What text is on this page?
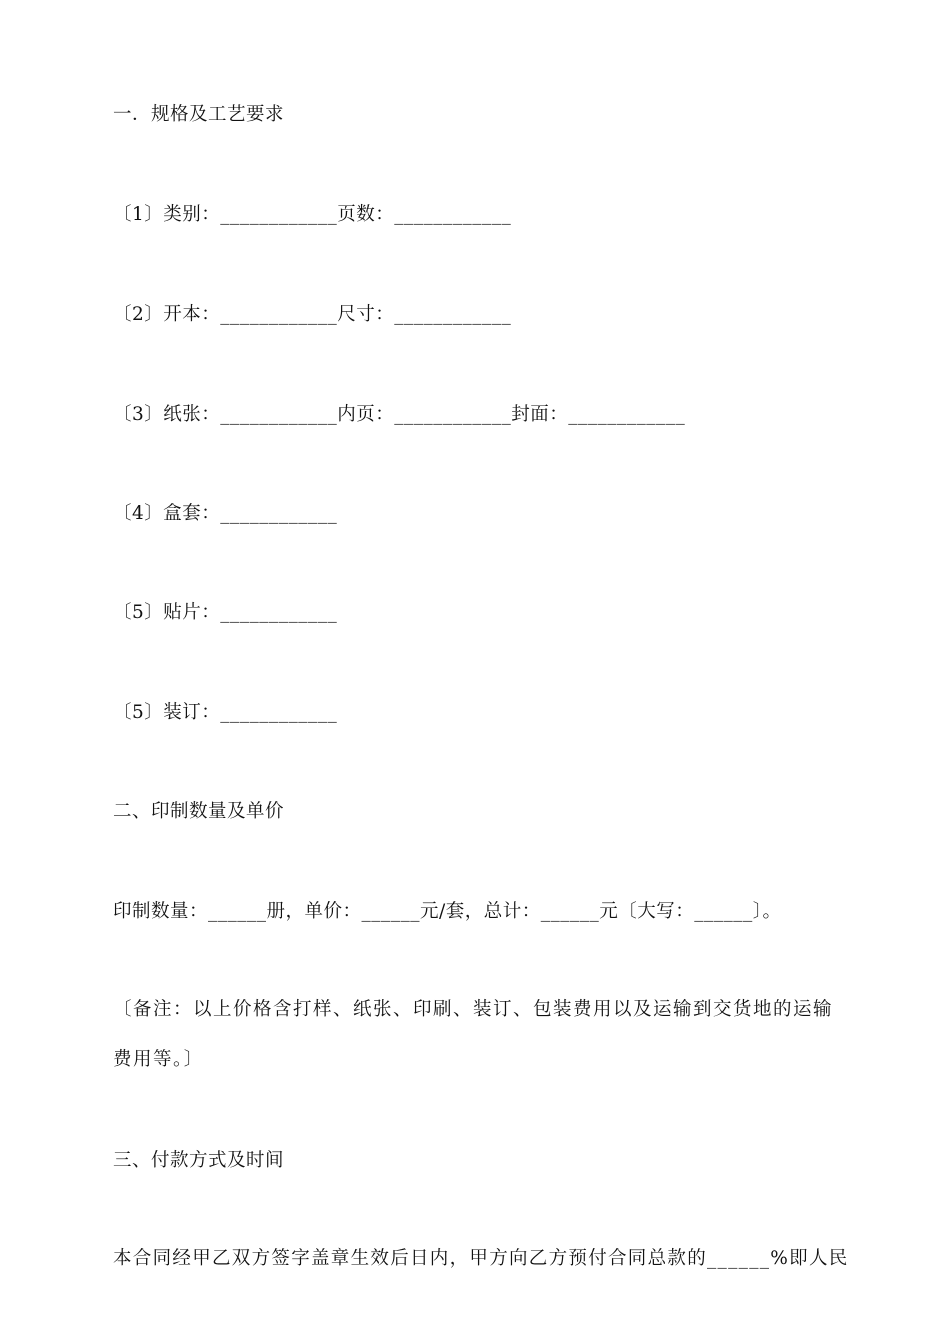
一．规格及工艺要求
〔1〕类别：____________页数：____________
〔2〕开本：____________尺寸：____________
〔3〕纸张：____________内页：____________封面：____________
〔4〕盒套：____________
〔5〕贴片：____________
〔5〕装订：____________
二、印制数量及单价
印制数量：______册，单价：______元/套，总计：______元〔大写：______〕。
〔备注：以上价格含打样、纸张、印刷、装订、包装费用以及运输到交货地的运输费用等。〕
三、付款方式及时间
本合同经甲乙双方签字盖章生效后日内，甲方向乙方预付合同总款的______%即人民
